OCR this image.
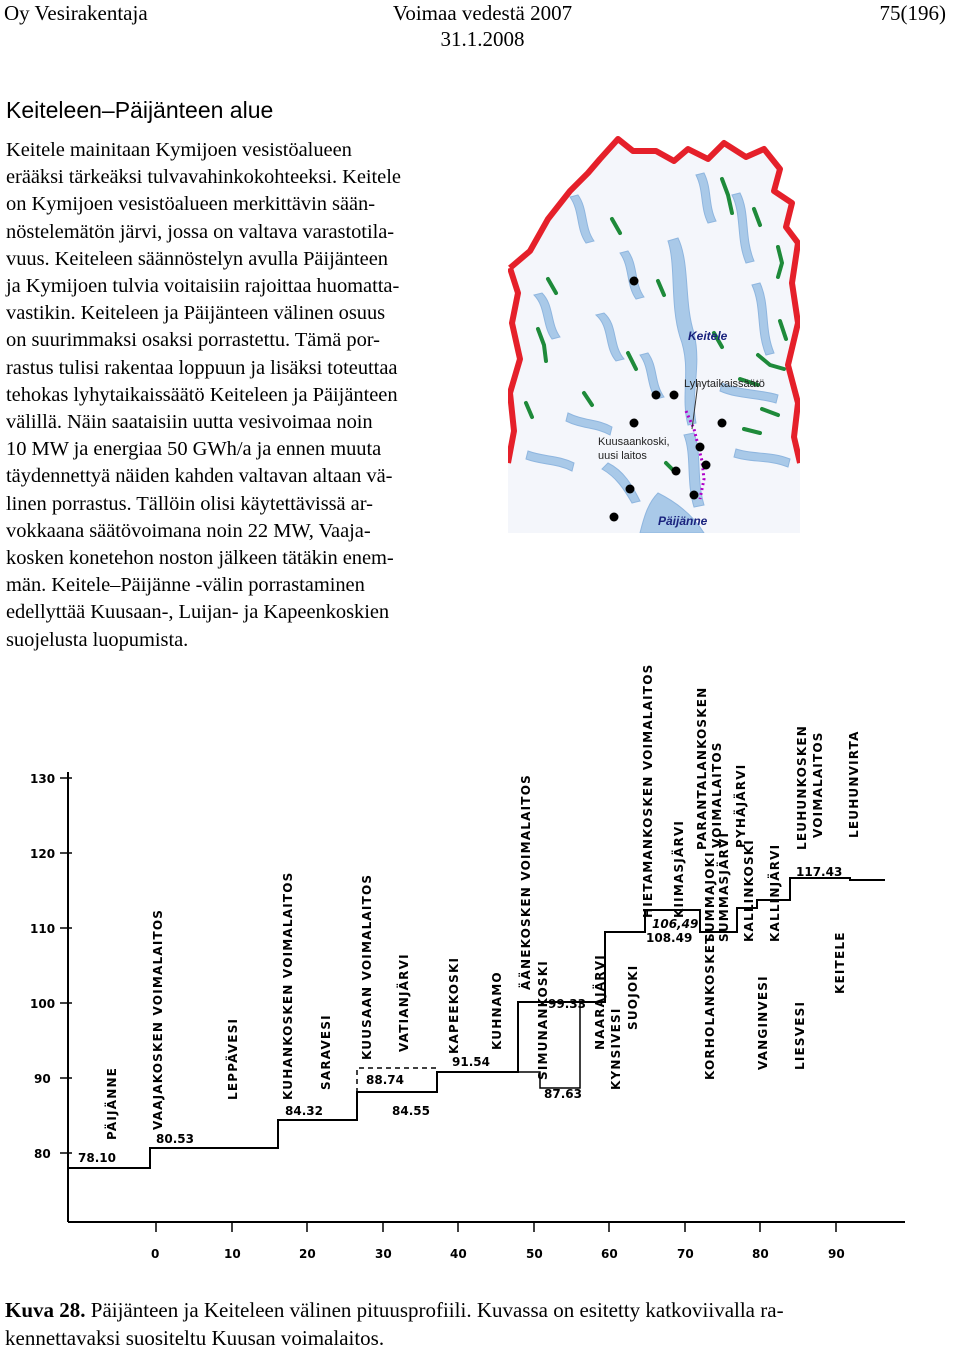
Oy Vesirakentaja	Voimaa vedestä 2007
31.1.2008
75(196)
Keiteleen–Päijänteen alue

Keitele mainitaan Kymijoen vesistöalueen
erääksi tärkeäksi tulvavahinkokohteeksi. Keitele
on Kymijoen vesistöalueen merkittävin sään-
nöstelemätön järvi, jossa on valtava varastotila-
vuus. Keiteleen säännöstelyn avulla Päijänteen
ja Kymijoen tulvia voitaisiin rajoittaa huomatta-
vastikin. Keiteleen ja Päijänteen välinen osuus
on suurimmaksi osaksi porrastettu. Tämä por-
rastus tulisi rakentaa loppuun ja lisäksi toteuttaa
tehokas lyhytaikaissäätö Keiteleen ja Päijänteen
välillä. Näin saataisiin uutta vesivoimaa noin
10 MW ja energiaa 50 GWh/a ja ennen muuta
täydennettyä näiden kahden valtavan altaan vä-
linen porrastus. Tällöin olisi käytettävissä ar-
vokkaana säätövoimana noin 22 MW, Vaaja-
kosken konetehon noston jälkeen tätäkin enem-
män. Keitele–Päijänne -välin porrastaminen
edellyttää Kuusaan-, Luijan- ja Kapeenkoskien
suojelusta luopumista.

Keitele
Lyhytaikaissäätö
Kuusaankoski,
uusi laitos
Päijänne
130
120
110
100
90
80
0	10	20	30	40	50	60	70	80	90
78.10
80.53
84.32	84.55
88.74
91.54
87.63
99.33
108.49
117.43
106,49
PÄIJÄNNE	VAAJAKOSKEN VOIMALAITOS	LEPPÄVESI	KUHANKOSKEN VOIMALAITOS SARAVESI KUUSAAN VOIMALAITOS VATIANJÄRVI	KAPEEKOSKI KUHNAMO
ÄÄNEKOSKEN VOIMALAITOS
SIMUNANKOSKI	NAARAJÄRVI KYNSIVESI
SUOJOKI
HIETAMANKOSKEN VOIMALAITOS KIIMASJÄRVI
KORHOLANKOSKET
SUMMAJOKI SUMMASJÄRVI
PARANTALANKOSKEN VOIMALAITOS PYHÄJÄRVI
KALLINKOSKI KALLINJÄRVI
VANGINVESI LIESVESI
LEUHUNKOSKEN VOIMALAITOS LEUHUNVIRTA
KEITELE
Kuva 28. Päijänteen ja Keiteleen välinen pituusprofiili. Kuvassa on esitetty katkoviivalla ra-
kennettavaksi suositeltu Kuusan voimalaitos.
